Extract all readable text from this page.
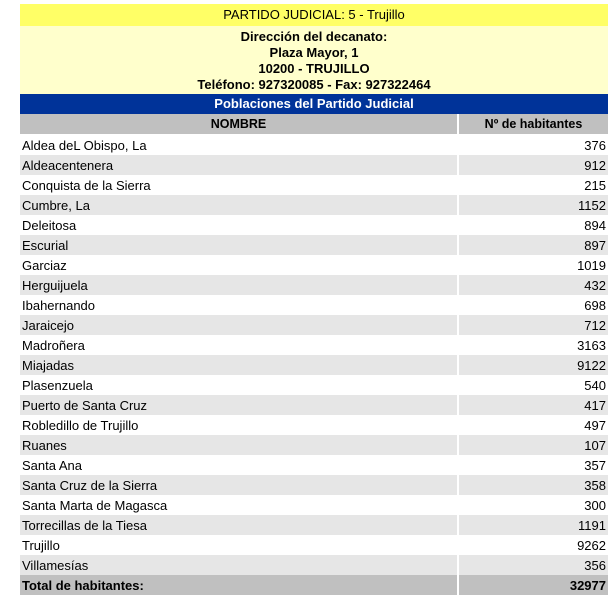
PARTIDO JUDICIAL: 5 - Trujillo
Dirección del decanato:
Plaza Mayor, 1
10200 - TRUJILLO
Teléfono: 927320085 - Fax: 927322464
Poblaciones del Partido Judicial
NOMBRE	Nº de habitantes
Aldea deL Obispo, La	376
Aldeacentenera	912
Conquista de la Sierra	215
Cumbre, La	1152
Deleitosa	894
Escurial	897
Garciaz	1019
Herguijuela	432
Ibahernando	698
Jaraicejo	712
Madroñera	3163
Miajadas	9122
Plasenzuela	540
Puerto de Santa Cruz	417
Robledillo de Trujillo	497
Ruanes	107
Santa Ana	357
Santa Cruz de la Sierra	358
Santa Marta de Magasca	300
Torrecillas de la Tiesa	1191
Trujillo	9262
Villamesías	356
Total de habitantes:	32977
